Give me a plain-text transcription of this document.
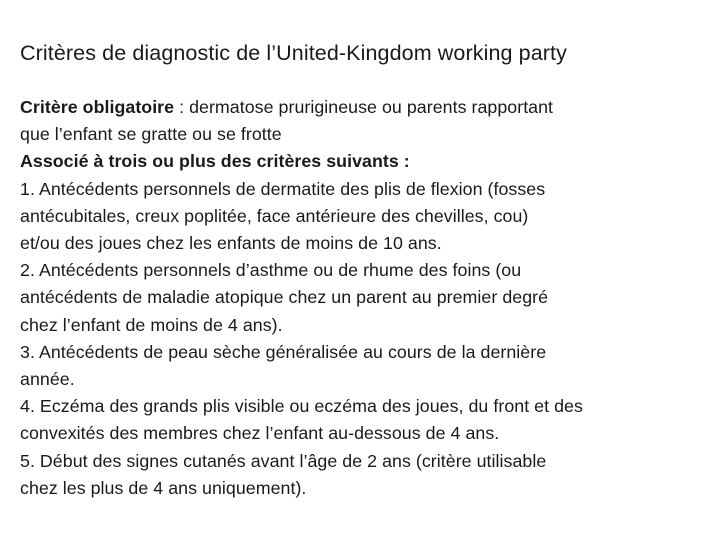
Critères de diagnostic de l’United-Kingdom working party
Critère obligatoire : dermatose prurigineuse ou parents rapportant
que l’enfant se gratte ou se frotte
Associé à trois ou plus des critères suivants :
1. Antécédents personnels de dermatite des plis de flexion (fosses
antécubitales, creux poplitée, face antérieure des chevilles, cou)
et/ou des joues chez les enfants de moins de 10 ans.
2. Antécédents personnels d’asthme ou de rhume des foins (ou
antécédents de maladie atopique chez un parent au premier degré
chez l’enfant de moins de 4 ans).
3. Antécédents de peau sèche généralisée au cours de la dernière
année.
4. Eczéma des grands plis visible ou eczéma des joues, du front et des
convexités des membres chez l’enfant au-dessous de 4 ans.
5. Début des signes cutanés avant l’âge de 2 ans (critère utilisable
chez les plus de 4 ans uniquement).
